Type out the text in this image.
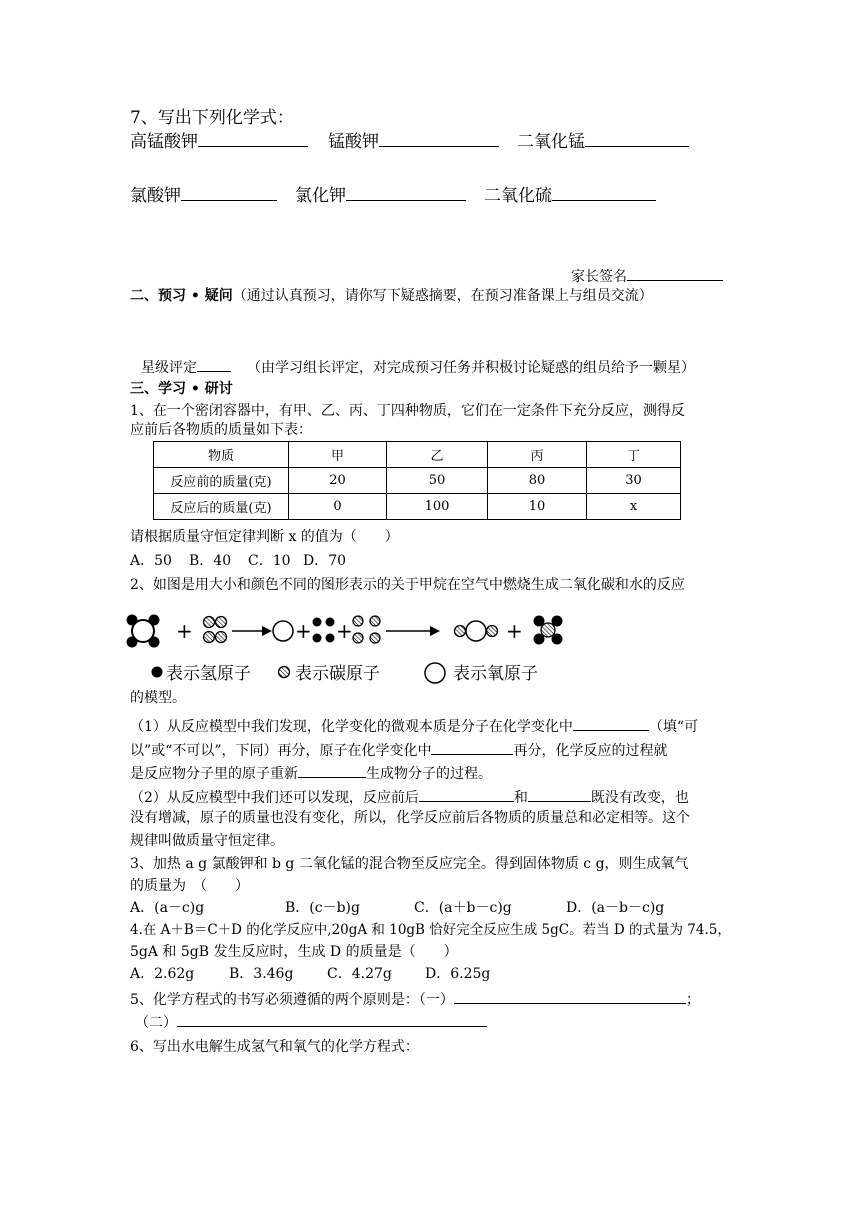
7、写出下列化学式：
高锰酸钾	锰酸钾	二氧化锰
氯酸钾	氯化钾	二氧化硫
家长签名
二、预习 • 疑问（通过认真预习，请你写下疑惑摘要，在预习准备课上与组员交流）
星级评定	（由学习组长评定，对完成预习任务并积极讨论疑惑的组员给予一颗星）
三、学习 • 研讨
1、在一个密闭容器中，有甲、乙、丙、丁四种物质，它们在一定条件下充分反应，测得反
应前后各物质的质量如下表：
物质	甲	乙	丙	丁
反应前的质量(克)	20	50	80	30
反应后的质量(克)	0	100	10	x
请根据质量守恒定律判断 x 的值为（　　）
A．50 B．40 C．10 D．70
2、如图是用大小和颜色不同的图形表示的关于甲烷在空气中燃烧生成二氧化碳和水的反应
+	+ +	+
表示氢原子	表示碳原子	表示氧原子
的模型。
（1）从反应模型中我们发现，化学变化的微观本质是分子在化学变化中	（填“可
以”或“不可以”，下同）再分，原子在化学变化中	再分，化学反应的过程就
是反应物分子里的原子重新	生成物分子的过程。
（2）从反应模型中我们还可以发现，反应前后	和	既没有改变，也
没有增减，原子的质量也没有变化，所以，化学反应前后各物质的质量总和必定相等。这个
规律叫做质量守恒定律。
3、加热 a g 氯酸钾和 b g 二氧化锰的混合物至反应完全。得到固体物质 c g，则生成氧气
的质量为　（　　）
A．(a－c)g	B．(c－b)g	C．(a＋b－c)g	D．(a－b－c)g
4.在 A＋B＝C＋D 的化学反应中,20gA 和 10gB 恰好完全反应生成 5gC。若当 D 的式量为 74.5，
5gA 和 5gB 发生反应时，生成 D 的质量是（　　）
A．2.62g B．3.46g C．4.27g D．6.25g
5、化学方程式的书写必须遵循的两个原则是：（一）	；
（二）
6、写出水电解生成氢气和氧气的化学方程式：
